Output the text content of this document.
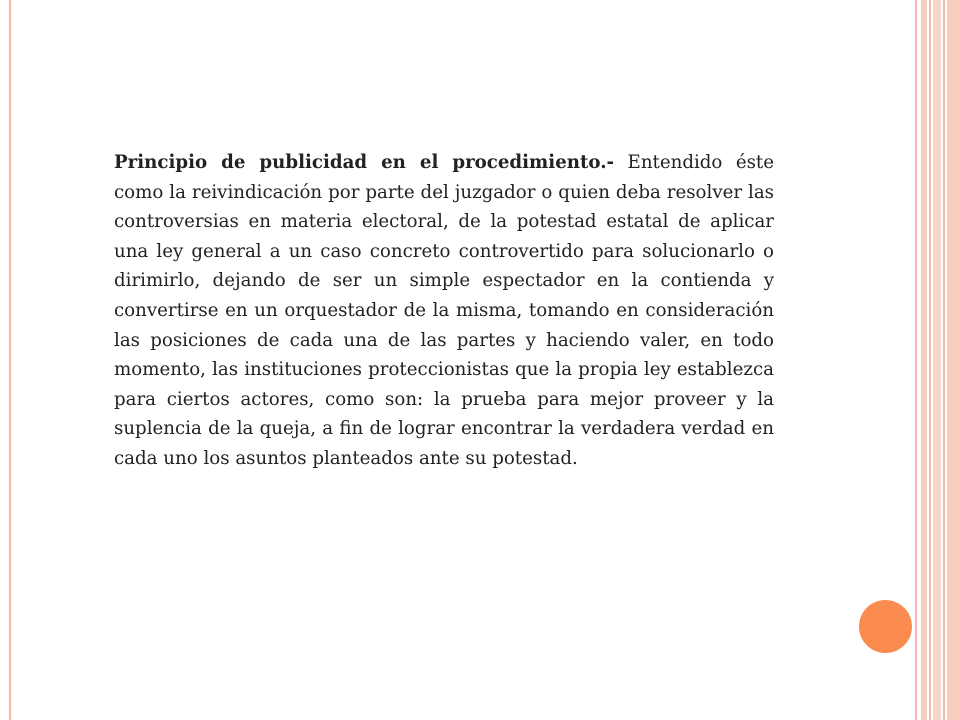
Principio de publicidad en el procedimiento.- Entendido éste como la reivindicación por parte del juzgador o quien deba resolver las controversias en materia electoral, de la potestad estatal de aplicar una ley general a un caso concreto controvertido para solucionarlo o dirimirlo, dejando de ser un simple espectador en la contienda y convertirse en un orquestador de la misma, tomando en consideración las posiciones de cada una de las partes y haciendo valer, en todo momento, las instituciones proteccionistas que la propia ley establezca para ciertos actores, como son: la prueba para mejor proveer y la suplencia de la queja, a fin de lograr encontrar la verdadera verdad en cada uno los asuntos planteados ante su potestad.
